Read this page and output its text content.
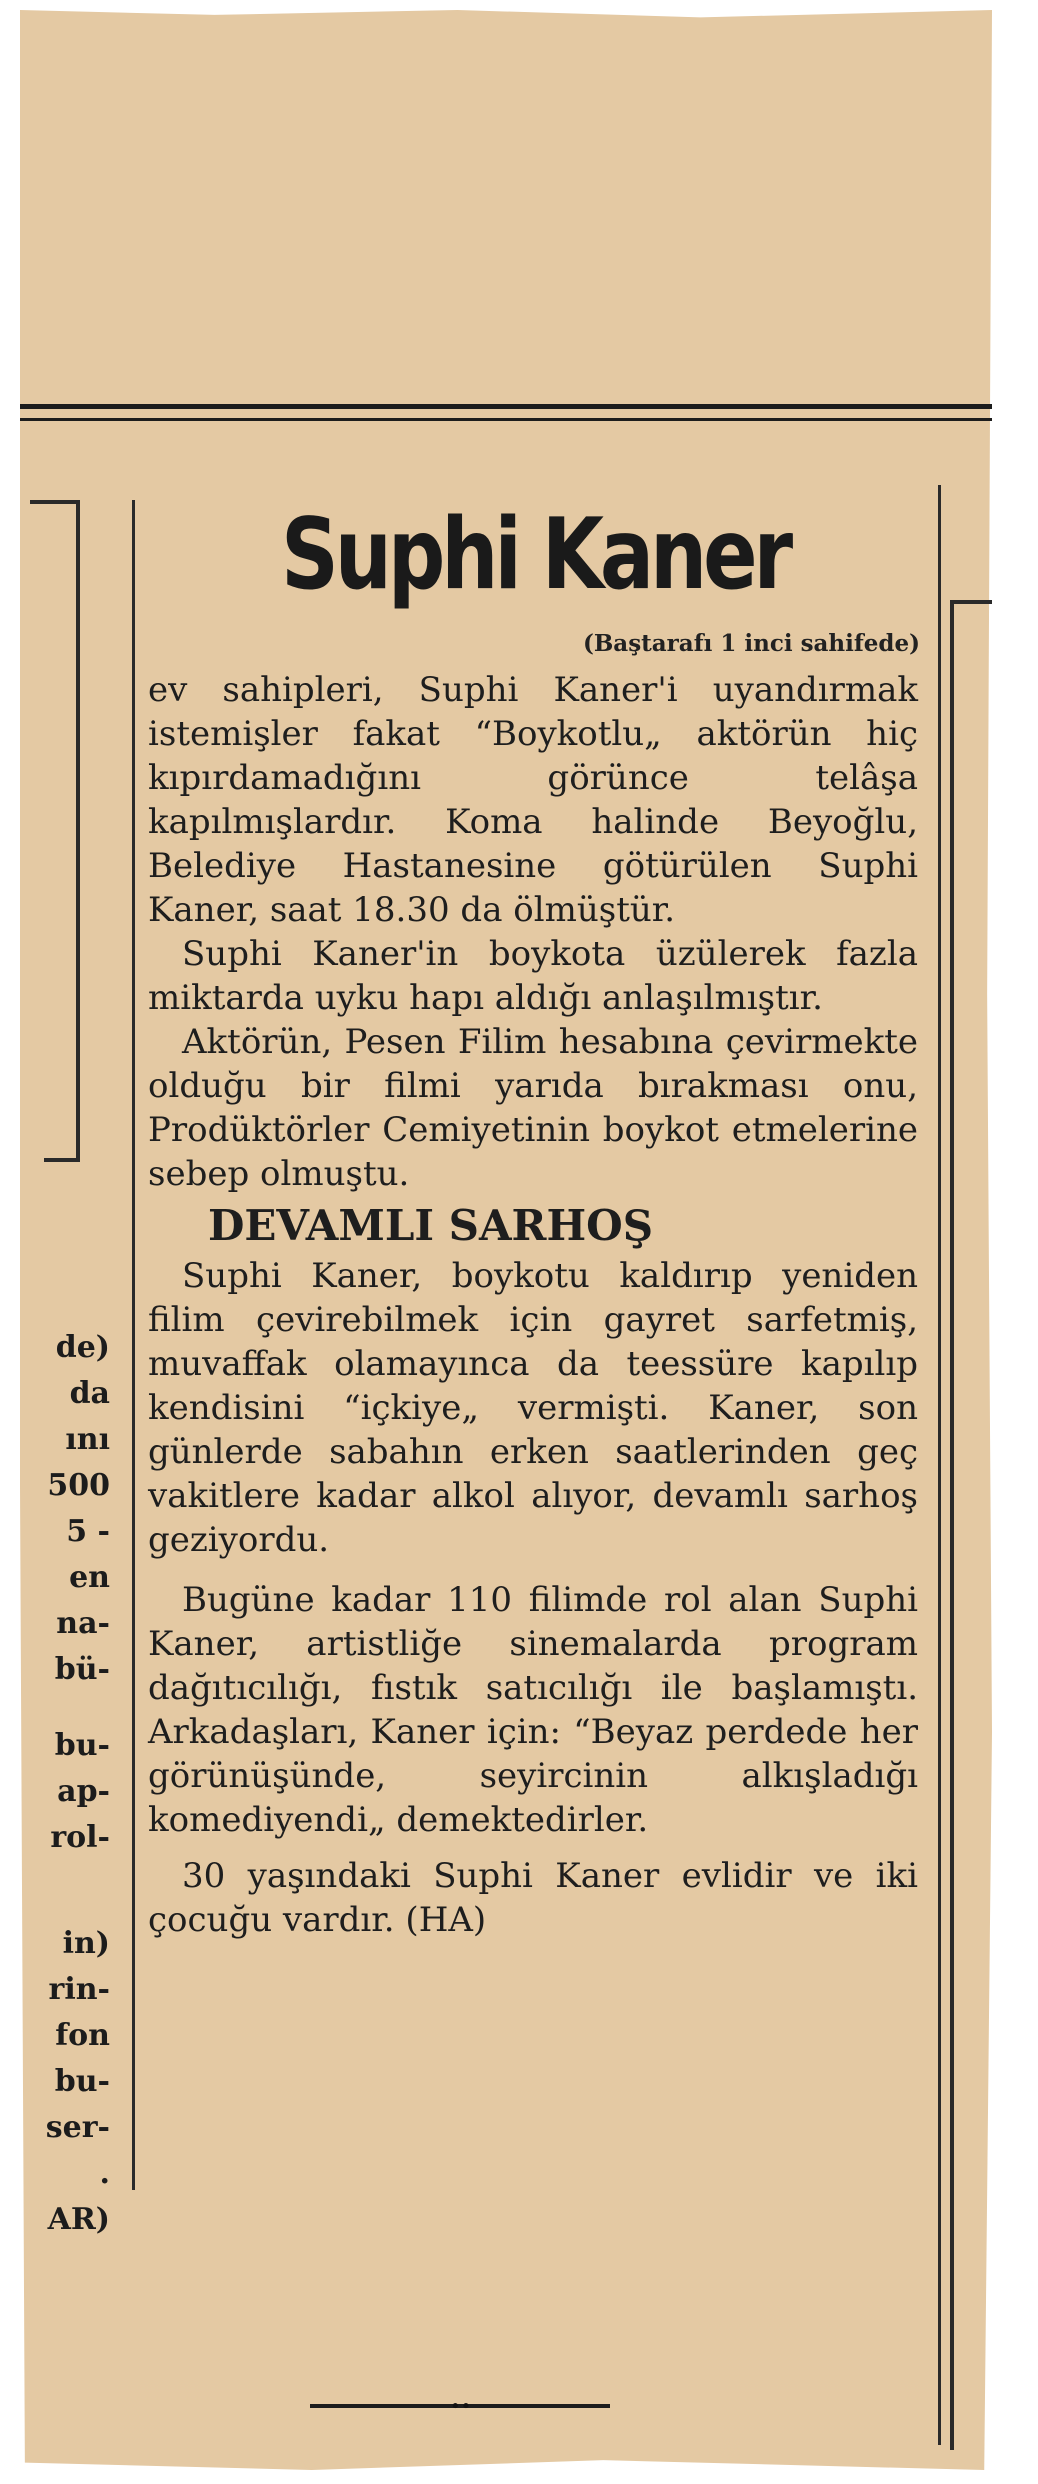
de)
da
ını
500
5 -
en
na-
bü-
bu-
ap-
rol-
in)
rin-
fon
bu-
ser-
.
AR)
Suphi Kaner
(Baştarafı 1 inci sahifede)

ev sahipleri, Suphi Kaner'i uyandırmak istemişler fakat “Boykotlu„ aktörün hiç kıpırdamadığını görünce telâşa kapılmışlardır. Koma halinde Beyoğlu, Belediye Hastanesine götürülen Suphi Kaner, saat 18.30 da ölmüştür.

Suphi Kaner'in boykota üzülerek fazla miktarda uyku hapı aldığı anlaşılmıştır.

Aktörün, Pesen Filim hesabına çevirmekte olduğu bir filmi yarıda bırakması onu, Prodüktörler Cemiyetinin boykot etmelerine sebep olmuştu.

DEVAMLI SARHOŞ

Suphi Kaner, boykotu kaldırıp yeniden filim çevirebilmek için gayret sarfetmiş, muvaffak olamayınca da teessüre kapılıp kendisini “içkiye„ vermişti. Kaner, son günlerde sabahın erken saatlerinden geç vakitlere kadar alkol alıyor, devamlı sarhoş geziyordu.

Bugüne kadar 110 filimde rol alan Suphi Kaner, artistliğe sinemalarda program dağıtıcılığı, fıstık satıcılığı ile başlamıştı. Arkadaşları, Kaner için: “Beyaz perdede her görünüşünde, seyircinin alkışladığı komediyendi„ demektedirler.

30 yaşındaki Suphi Kaner evlidir ve iki çocuğu vardır. (HA)

••
